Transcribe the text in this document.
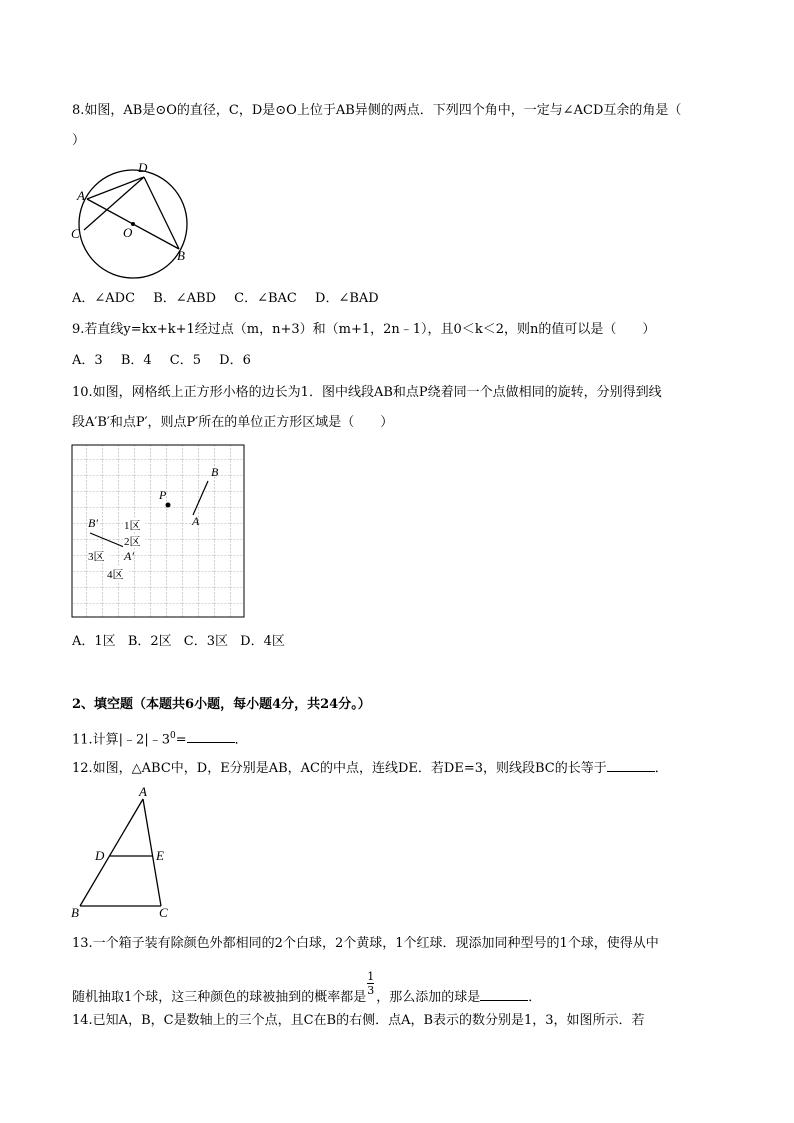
8.如图，AB是⊙O的直径，C，D是⊙O上位于AB异侧的两点．下列四个角中，一定与∠ACD互余的角是（
）
A
D
C	O
B
A．∠ADC B．∠ABD C．∠BAC D．∠BAD
9.若直线y=kx+k+1经过点（m，n+3）和（m+1，2n﹣1），且0＜k＜2，则n的值可以是（　　）
A．3 B．4 C．5 D．6
10.如图，网格纸上正方形小格的边长为1．图中线段AB和点P绕着同一个点做相同的旋转，分别得到线
段A′B′和点P′，则点P′所在的单位正方形区域是（　　）
B
A
P
B′
A′
1区
2区
3区
4区
A．1区 B．2区 C．3区 D．4区
2、填空题（本题共6小题，每小题4分，共24分。）
11.计算$|﹣2|﹣3^0=$	．
12.如图，△ABC中，D，E分别是AB，AC的中点，连线DE．若DE=3，则线段BC的长等于	．
A
D	E
B	C
13.一个箱子装有除颜色外都相同的2个白球，2个黄球，1个红球．现添加同种型号的1个球，使得从中
随机抽取1个球，这三种颜色的球被抽到的概率都是 $\frac{1}{3}$ ，那么添加的球是	．
14.已知A，B，C是数轴上的三个点，且C在B的右侧．点A，B表示的数分别是1，3，如图所示．若
